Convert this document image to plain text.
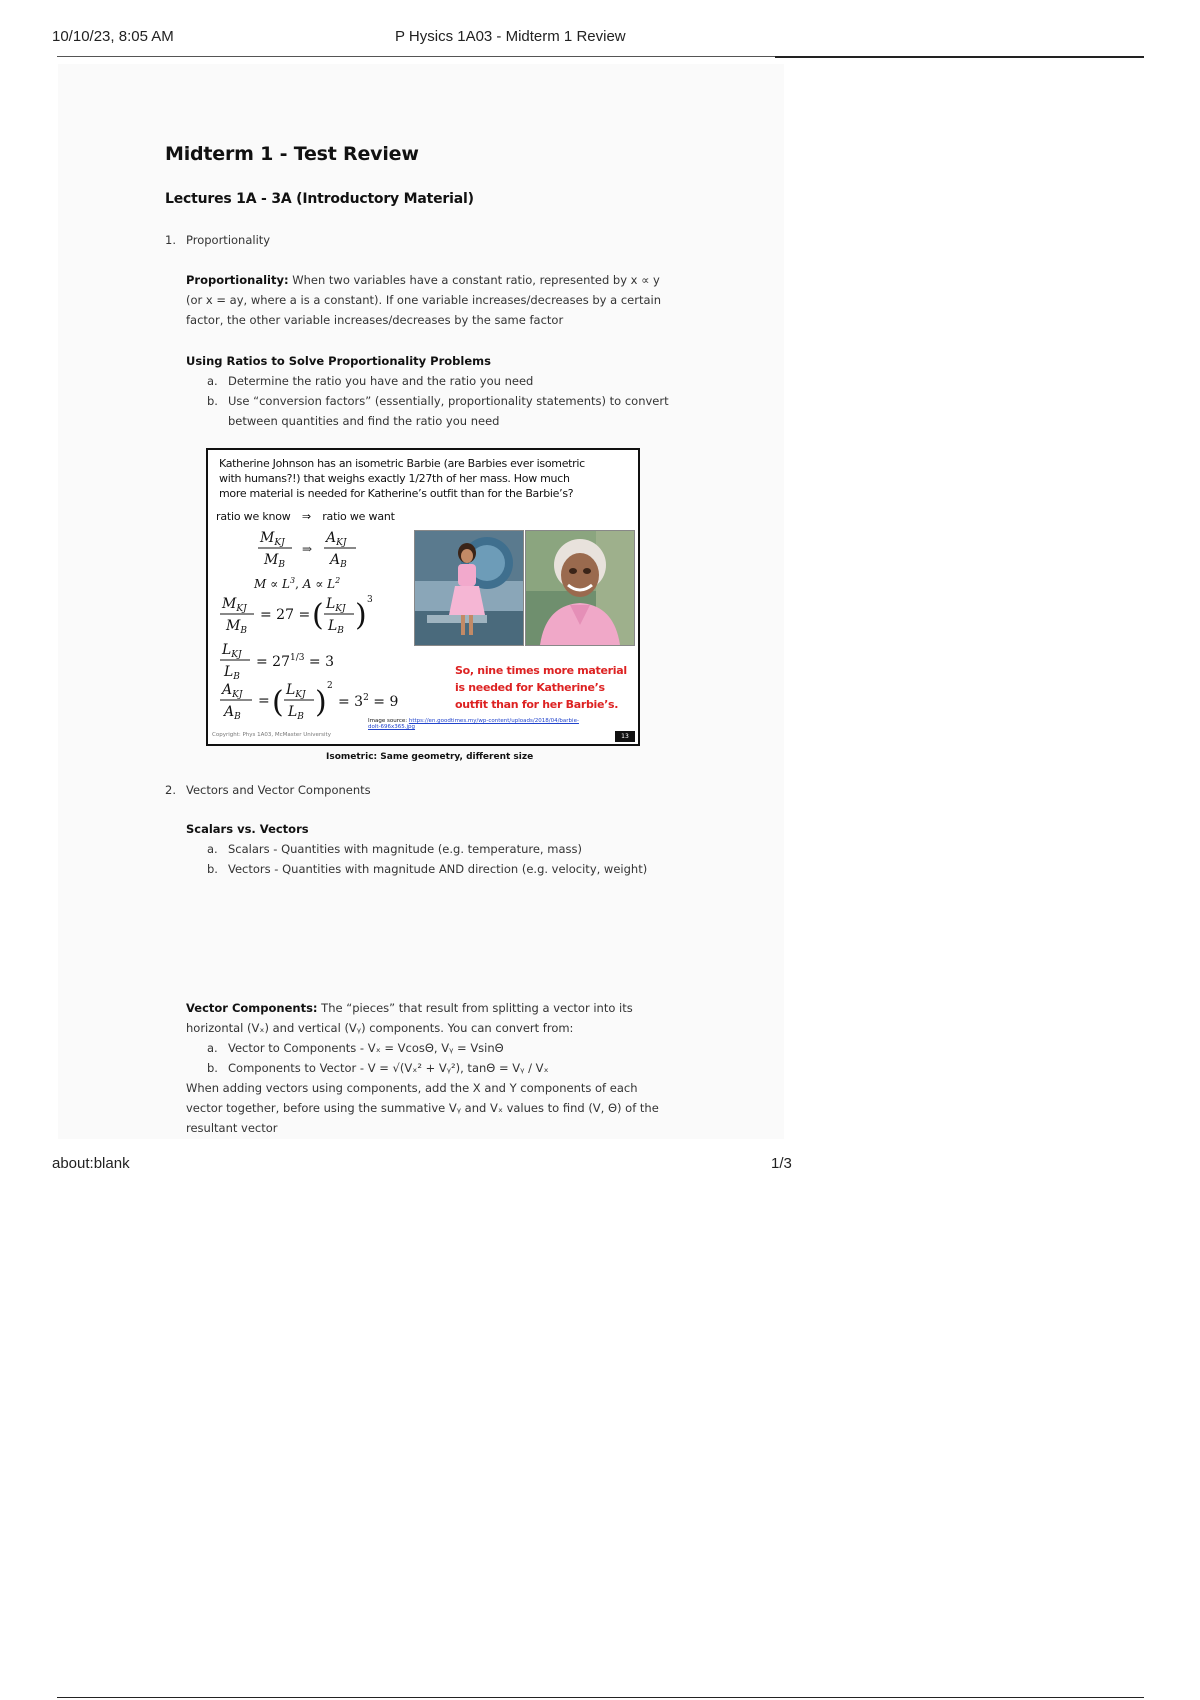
10/10/23, 8:05 AM	P Hysics 1A03 - Midterm 1 Review
Midterm 1 - Test Review
Lectures 1A - 3A (Introductory Material)
1. Proportionality
Proportionality: When two variables have a constant ratio, represented by x ∝ y
(or x = ay, where a is a constant). If one variable increases/decreases by a certain
factor, the other variable increases/decreases by the same factor
Using Ratios to Solve Proportionality Problems
a. Determine the ratio you have and the ratio you need
b. Use “conversion factors” (essentially, proportionality statements) to convert
between quantities and find the ratio you need
Katherine Johnson has an isometric Barbie (are Barbies ever isometric
with humans?!) that weighs exactly 1/27th of her mass. How much
more material is needed for Katherine’s outfit than for the Barbie’s?
ratio we know ⇒ ratio we want
$M_{KJ}$
$M_B$
⇒
$A_{KJ}$
$A_B$
$M \propto L^3$, $A \propto L^2$
$M_{KJ}$
$M_B$
= 27 = ( $L_{KJ}$
$L_B$ ) 3
$L_{KJ}$
$L_B$
= $27^{1/3} = 3$
$A_{KJ}$
$A_B$
= ( $L_{KJ}$
$L_B$ ) 2
= $3^2 = 9$
So, nine times more material
is needed for Katherine’s
outfit than for her Barbie’s.
Image source: https://en.goodtimes.my/wp-content/uploads/2018/04/barbie-
dolt-696x365.jpg
Copyright: Phys 1A03, McMaster University	13
Isometric: Same geometry, different size
2. Vectors and Vector Components
Scalars vs. Vectors
a. Scalars - Quantities with magnitude (e.g. temperature, mass)
b. Vectors - Quantities with magnitude AND direction (e.g. velocity, weight)
Vector Components: The “pieces” that result from splitting a vector into its
horizontal (Vₓ) and vertical (Vᵧ) components. You can convert from:
a. Vector to Components - Vₓ = VcosΘ, Vᵧ = VsinΘ
b. Components to Vector - V = √(Vₓ² + Vᵧ²), tanΘ = Vᵧ / Vₓ
When adding vectors using components, add the X and Y components of each
vector together, before using the summative Vᵧ and Vₓ values to find (V, Θ) of the
resultant vector
about:blank	1/3
